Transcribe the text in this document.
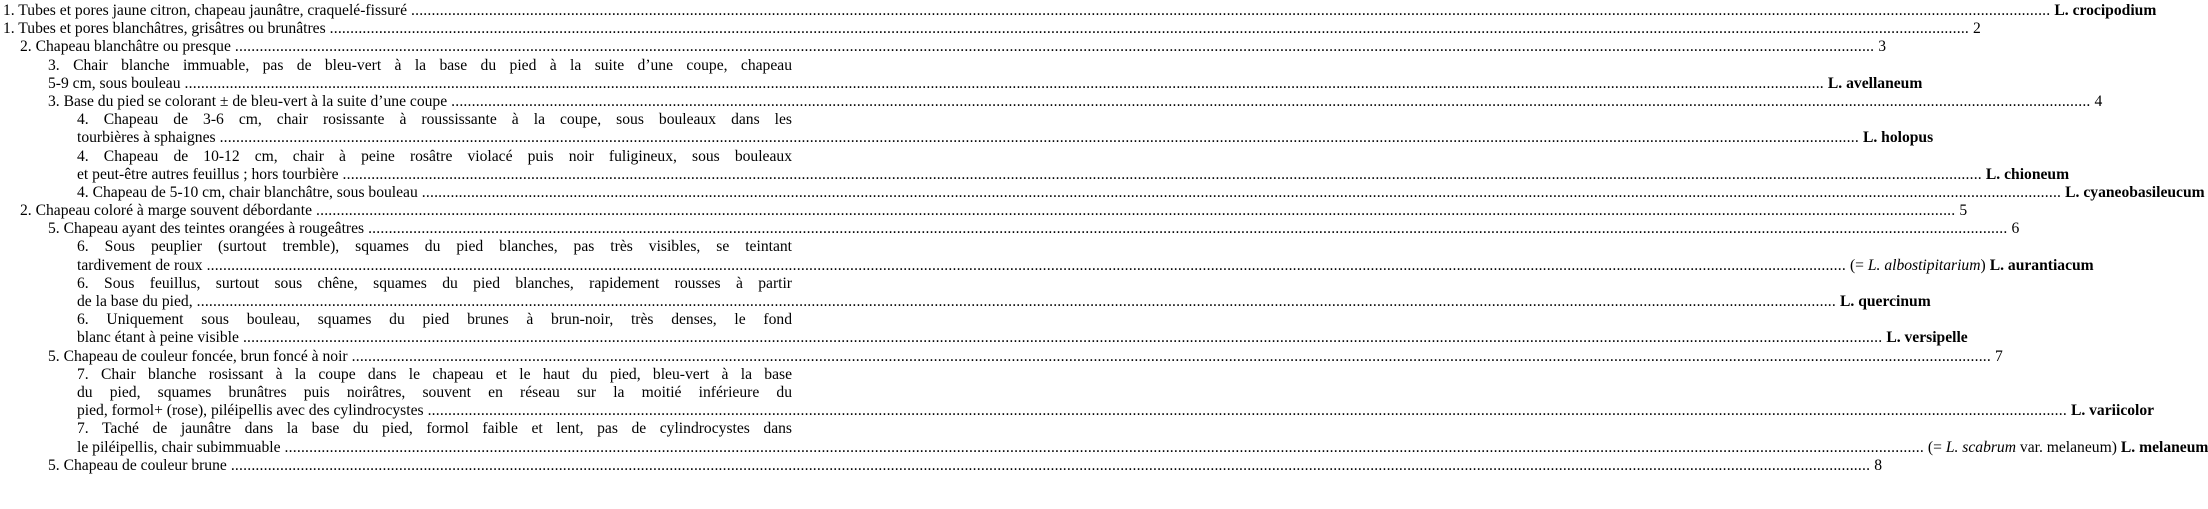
1. Tubes et pores jaune citron, chapeau jaunâtre, craquelé-fissuré ................................................................................................................................................................................................................................................................................................................................................................................................................ L. crocipodium
1. Tubes et pores blanchâtres, grisâtres ou brunâtres ................................................................................................................................................................................................................................................................................................................................................................................................................ 2
2. Chapeau blanchâtre ou presque ................................................................................................................................................................................................................................................................................................................................................................................................................ 3
3. Chair blanche immuable, pas de bleu-vert à la base du pied à la suite d’une coupe, chapeau
5-9 cm, sous bouleau ................................................................................................................................................................................................................................................................................................................................................................................................................ L. avellaneum
3. Base du pied se colorant ± de bleu-vert à la suite d’une coupe ................................................................................................................................................................................................................................................................................................................................................................................................................ 4
4. Chapeau de 3-6 cm, chair rosissante à roussissante à la coupe, sous bouleaux dans les
tourbières à sphaignes ................................................................................................................................................................................................................................................................................................................................................................................................................ L. holopus
4. Chapeau de 10-12 cm, chair à peine rosâtre violacé puis noir fuligineux, sous bouleaux
et peut-être autres feuillus ; hors tourbière ................................................................................................................................................................................................................................................................................................................................................................................................................ L. chioneum
4. Chapeau de 5-10 cm, chair blanchâtre, sous bouleau ................................................................................................................................................................................................................................................................................................................................................................................................................ L. cyaneobasileucum
2. Chapeau coloré à marge souvent débordante ................................................................................................................................................................................................................................................................................................................................................................................................................ 5
5. Chapeau ayant des teintes orangées à rougeâtres ................................................................................................................................................................................................................................................................................................................................................................................................................ 6
6. Sous peuplier (surtout tremble), squames du pied blanches, pas très visibles, se teintant
tardivement de roux ................................................................................................................................................................................................................................................................................................................................................................................................................ (= L. albostipitarium) L. aurantiacum
6. Sous feuillus, surtout sous chêne, squames du pied blanches, rapidement rousses à partir
de la base du pied, ................................................................................................................................................................................................................................................................................................................................................................................................................ L. quercinum
6. Uniquement sous bouleau, squames du pied brunes à brun-noir, très denses, le fond
blanc étant à peine visible ................................................................................................................................................................................................................................................................................................................................................................................................................ L. versipelle
5. Chapeau de couleur foncée, brun foncé à noir ................................................................................................................................................................................................................................................................................................................................................................................................................ 7
7. Chair blanche rosissant à la coupe dans le chapeau et le haut du pied, bleu-vert à la base
du pied, squames brunâtres puis noirâtres, souvent en réseau sur la moitié inférieure du
pied, formol+ (rose), piléipellis avec des cylindrocystes ................................................................................................................................................................................................................................................................................................................................................................................................................ L. variicolor
7. Taché de jaunâtre dans la base du pied, formol faible et lent, pas de cylindrocystes dans
le piléipellis, chair subimmuable ................................................................................................................................................................................................................................................................................................................................................................................................................ (= L. scabrum var. melaneum) L. melaneum
5. Chapeau de couleur brune ................................................................................................................................................................................................................................................................................................................................................................................................................ 8
